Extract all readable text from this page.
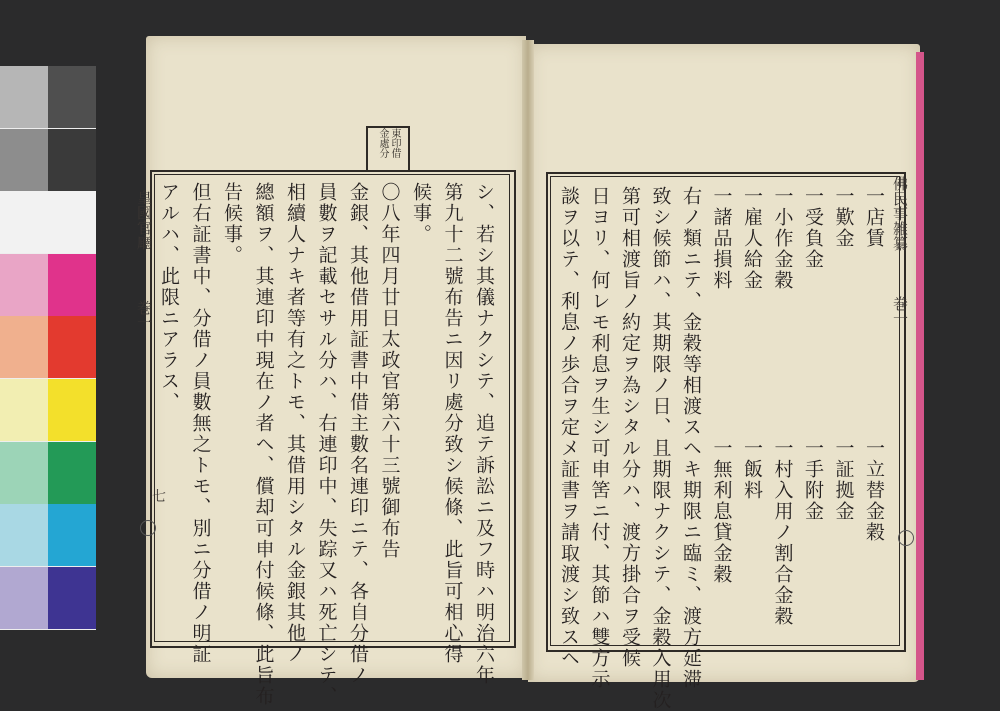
東印借
金處分
皇國官廰
巻一
七
佛民事雑纂
巻一
シ、若シ其儀ナクシテ、追テ訴訟ニ及フ時ハ明治六年
第九十二號布告ニ因リ處分致シ候條、此旨可相心得
候事。
〇八年四月廿日太政官第六十三號御布告
金銀、其他借用証書中借主數名連印ニテ、各自分借ノ
員數ヲ記載セサル分ハ、右連印中、失踪又ハ死亡シテ、
相續人ナキ者等有之トモ、其借用シタル金銀其他ノ
總額ヲ、其連印中現在ノ者ヘ、償却可申付候條、此旨布
告候事。
但右証書中、分借ノ員數無之トモ、別ニ分借ノ明証
アルハ、此限ニアラス、	一店賃　　　　　　　　　一立替金穀
一歎金　　　　　　　　　一証拠金
一受負金　　　　　　　　一手附金
一小作金穀　　　　　　　一村入用ノ割合金穀
一雇人給金　　　　　　　一飯料
一諸品損料　　　　　　　一無利息貸金穀
右ノ類ニテ、金穀等相渡スヘキ期限ニ臨ミ、渡方延滞
致シ候節ハ、其期限ノ日、且期限ナクシテ、金穀入用次
第可相渡旨ノ約定ヲ為シタル分ハ、渡方掛合ヲ受候
日ヨリ、何レモ利息ヲ生シ可申筈ニ付、其節ハ雙方示
談ヲ以テ、利息ノ歩合ヲ定メ証書ヲ請取渡シ致スヘ
